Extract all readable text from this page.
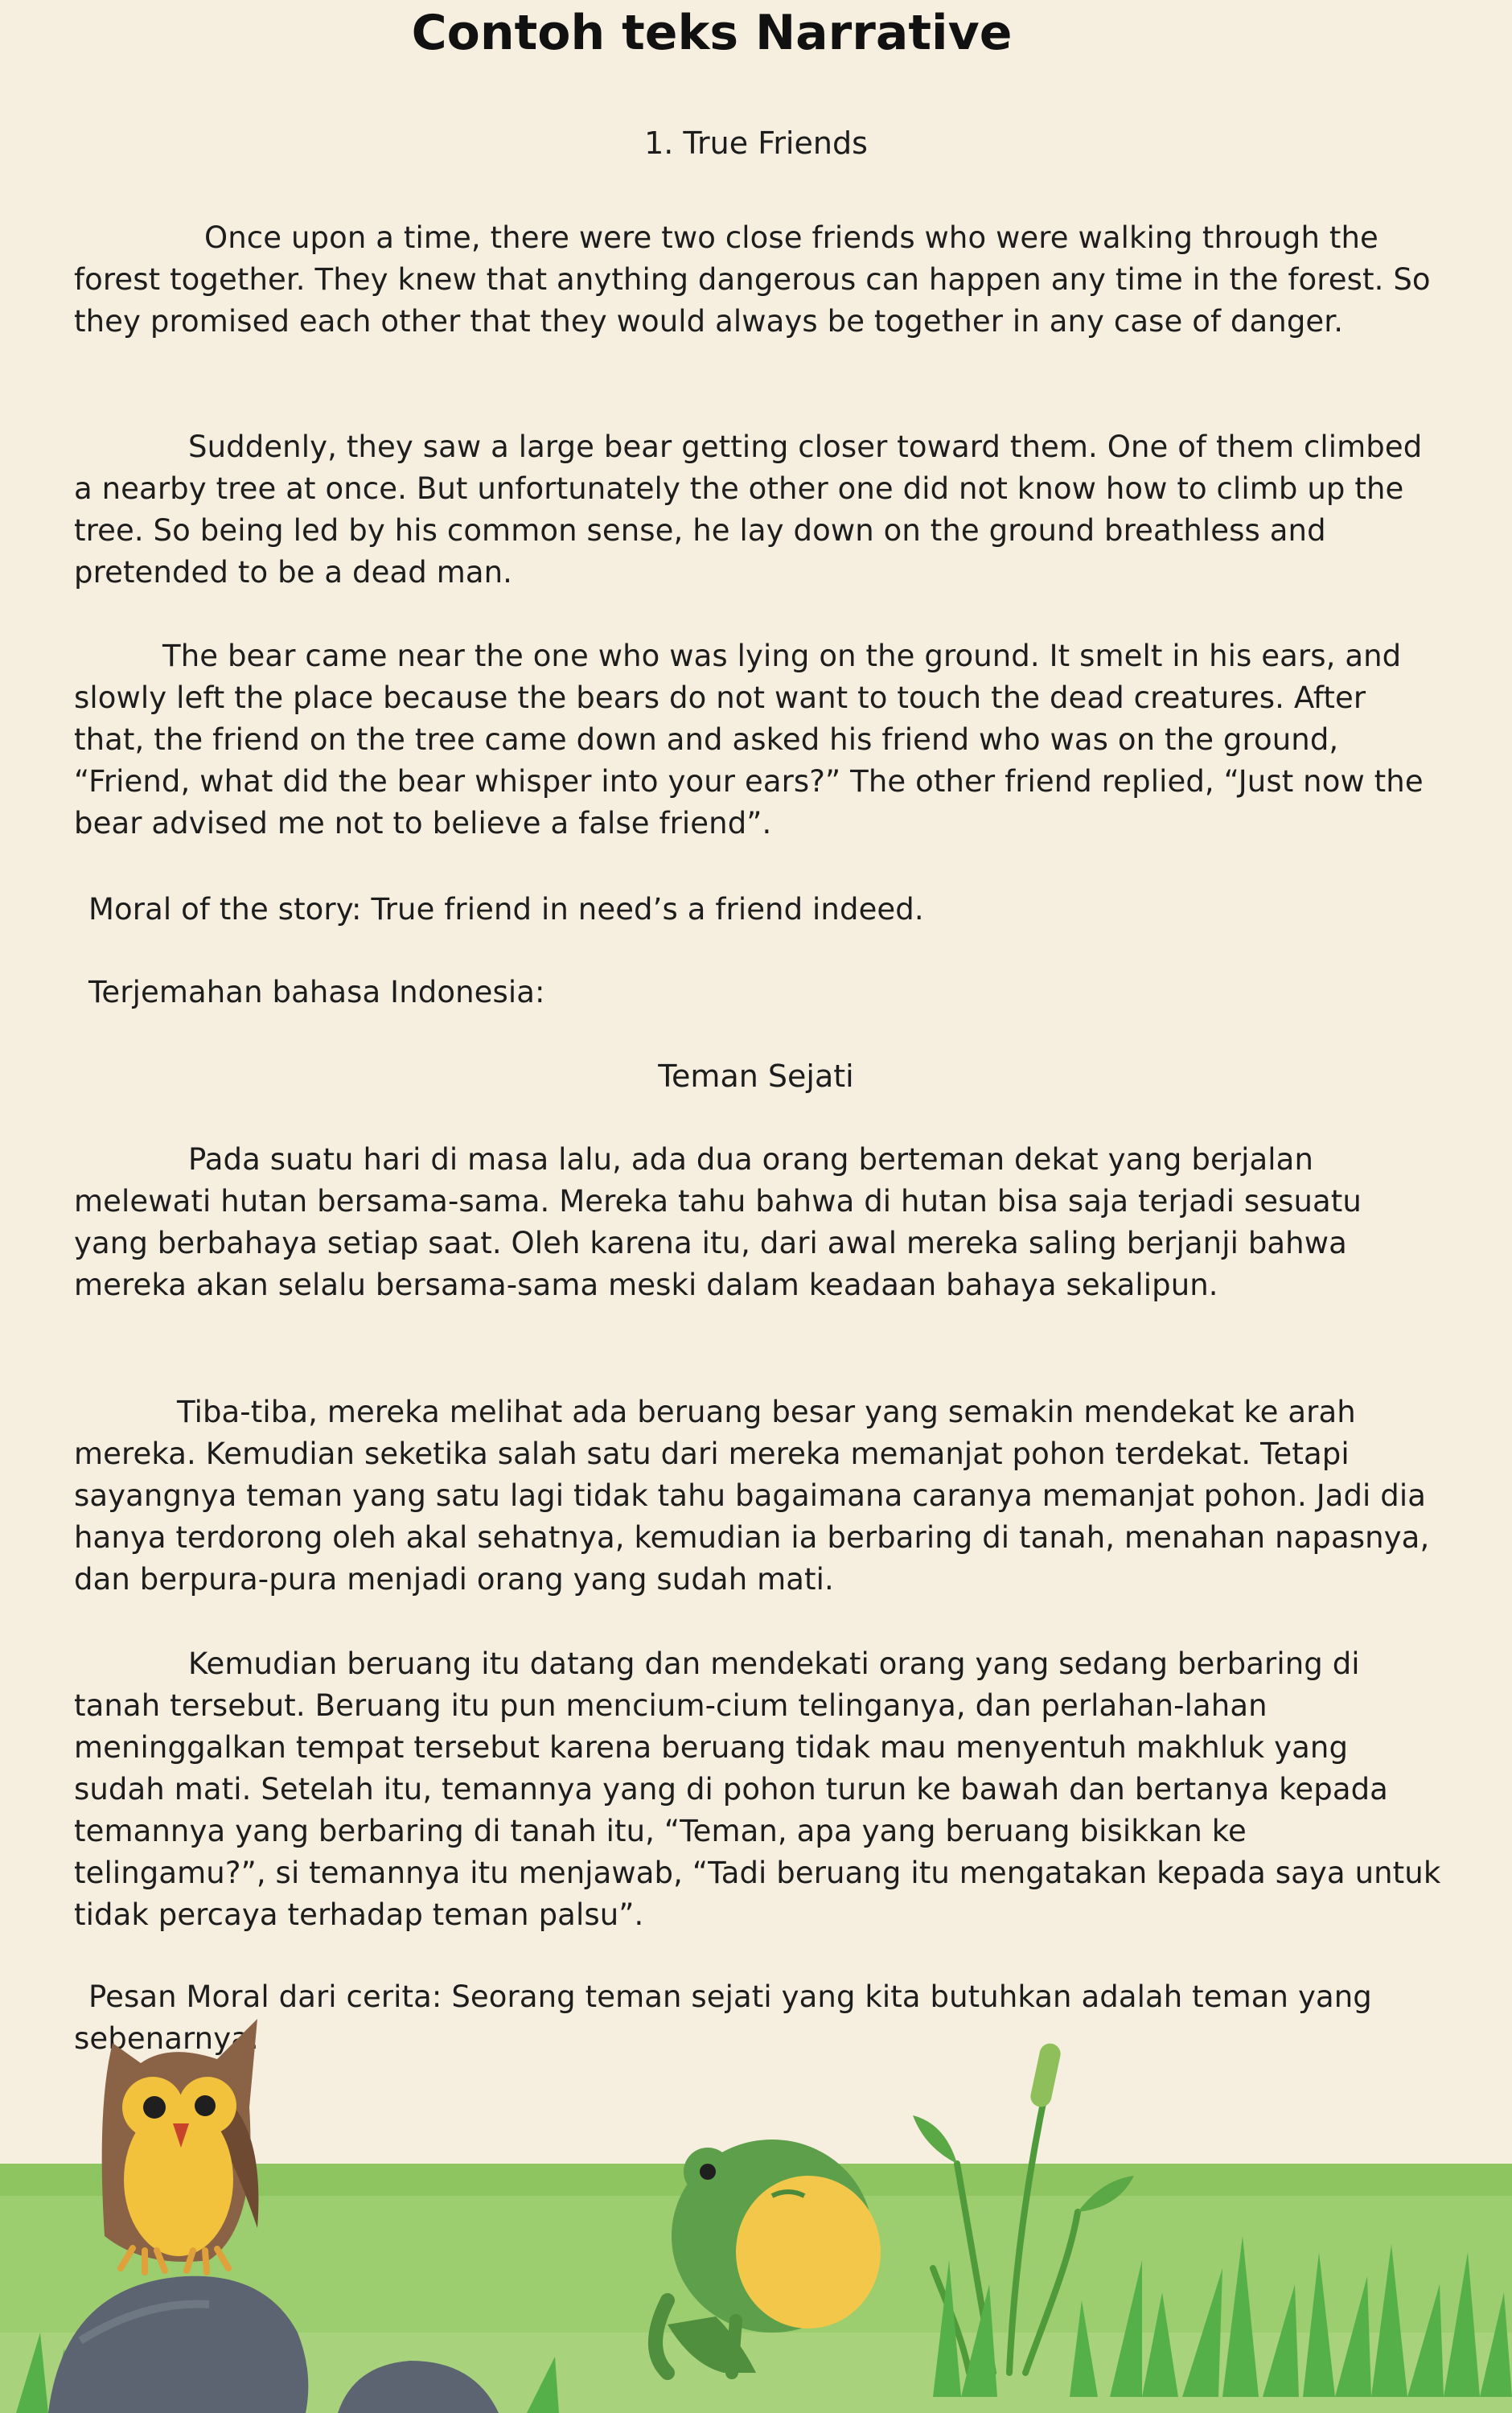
Contoh teks Narrative

1. True Friends

Once upon a time, there were two close friends who were walking through the forest together. They knew that anything dangerous can happen any time in the forest. So they promised each other that they would always be together in any case of danger.

Suddenly, they saw a large bear getting closer toward them. One of them climbed a nearby tree at once. But unfortunately the other one did not know how to climb up the tree. So being led by his common sense, he lay down on the ground breathless and pretended to be a dead man.

The bear came near the one who was lying on the ground. It smelt in his ears, and slowly left the place because the bears do not want to touch the dead creatures. After that, the friend on the tree came down and asked his friend who was on the ground, “Friend, what did the bear whisper into your ears?” The other friend replied, “Just now the bear advised me not to believe a false friend”.

Moral of the story: True friend in need’s a friend indeed.

Terjemahan bahasa Indonesia:

Teman Sejati

Pada suatu hari di masa lalu, ada dua orang berteman dekat yang berjalan melewati hutan bersama-sama. Mereka tahu bahwa di hutan bisa saja terjadi sesuatu yang berbahaya setiap saat. Oleh karena itu, dari awal mereka saling berjanji bahwa mereka akan selalu bersama-sama meski dalam keadaan bahaya sekalipun.

Tiba-tiba, mereka melihat ada beruang besar yang semakin mendekat ke arah mereka. Kemudian seketika salah satu dari mereka memanjat pohon terdekat. Tetapi sayangnya teman yang satu lagi tidak tahu bagaimana caranya memanjat pohon. Jadi dia hanya terdorong oleh akal sehatnya, kemudian ia berbaring di tanah, menahan napasnya, dan berpura-pura menjadi orang yang sudah mati.

Kemudian beruang itu datang dan mendekati orang yang sedang berbaring di tanah tersebut. Beruang itu pun mencium-cium telinganya, dan perlahan-lahan meninggalkan tempat tersebut karena beruang tidak mau menyentuh makhluk yang sudah mati. Setelah itu, temannya yang di pohon turun ke bawah dan bertanya kepada temannya yang berbaring di tanah itu, “Teman, apa yang beruang bisikkan ke telingamu?”, si temannya itu menjawab, “Tadi beruang itu mengatakan kepada saya untuk tidak percaya terhadap teman palsu”.

Pesan Moral dari cerita: Seorang teman sejati yang kita butuhkan adalah teman yang sebenarnya.
